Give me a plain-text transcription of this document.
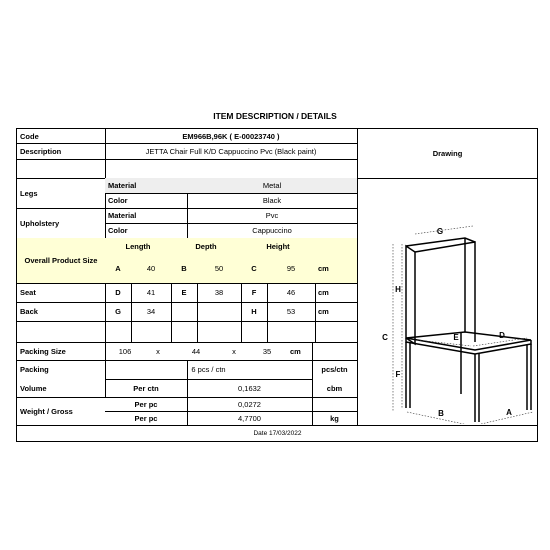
ITEM DESCRIPTION / DETAILS
Code	EM966B,96K ( E-00023740 )
Description	JETTA Chair Full K/D Cappuccino Pvc (Black paint)	Drawing
Legs
Material	Metal
Color	Black
Upholstery
Material	Pvc
Color	Cappuccino
Overall Product Size
Length	Depth	Height
A	40	B	50	C	95	cm
Seat	D	41	E	38	F	46	cm
Back	G	34	H	53	cm
Packing Size	106	x	44	x	35	cm
Packing	6 pcs / ctn	pcs/ctn
Volume	Per ctn	0,1632	cbm
Weight / Gross
Per pc	0,0272
Per pc	4,7700	kg
Date 17/03/2022
G
H
C
F
E	D
B	A
